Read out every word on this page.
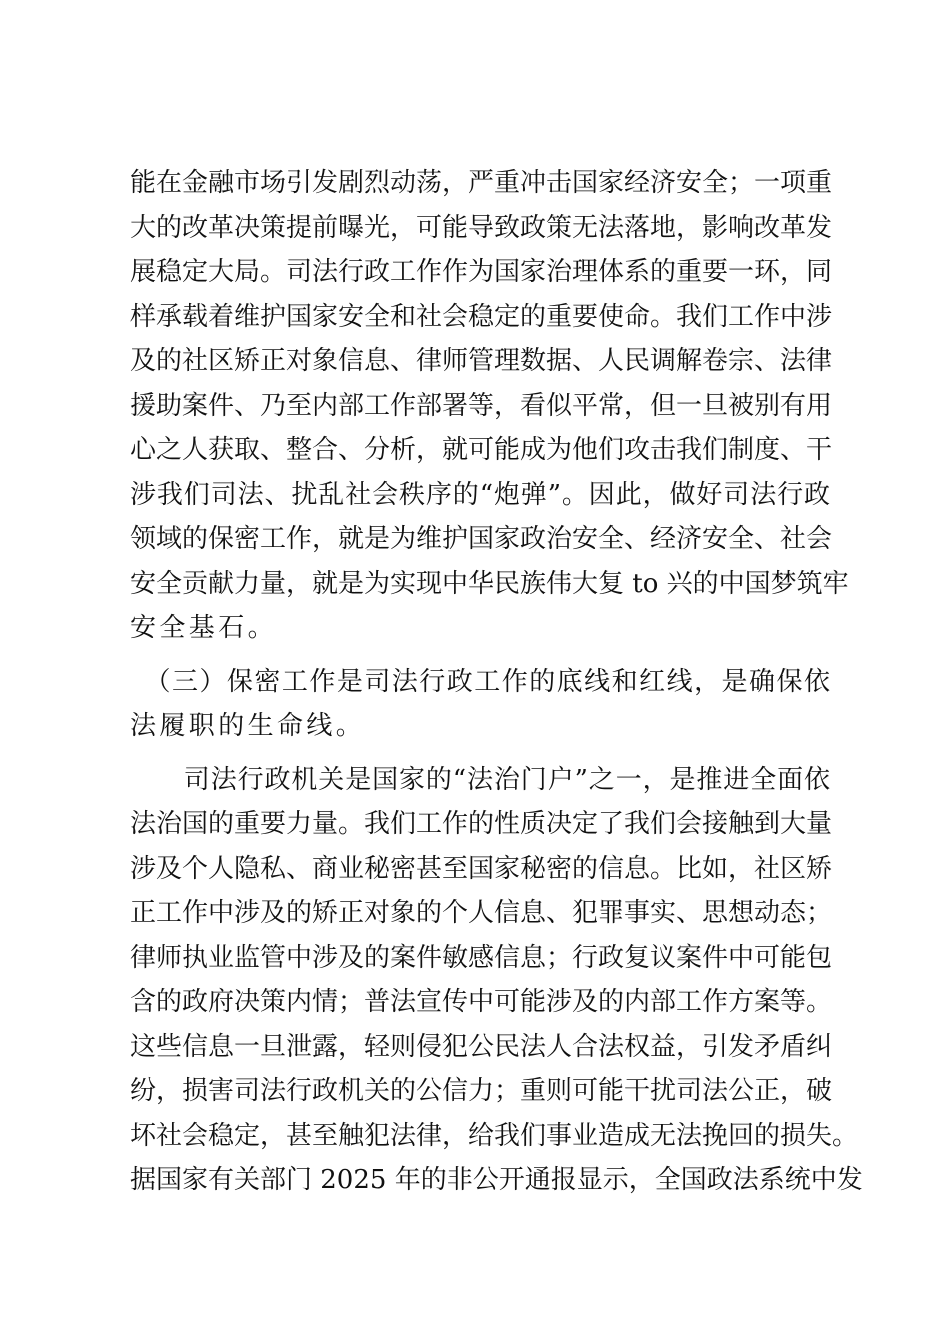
能在金融市场引发剧烈动荡，严重冲击国家经济安全；一项重
大的改革决策提前曝光，可能导致政策无法落地，影响改革发
展稳定大局。司法行政工作作为国家治理体系的重要一环，同
样承载着维护国家安全和社会稳定的重要使命。我们工作中涉
及的社区矫正对象信息、律师管理数据、人民调解卷宗、法律
援助案件、乃至内部工作部署等，看似平常，但一旦被别有用
心之人获取、整合、分析，就可能成为他们攻击我们制度、干
涉我们司法、扰乱社会秩序的“炮弹”。因此，做好司法行政
领域的保密工作，就是为维护国家政治安全、经济安全、社会
安全贡献力量，就是为实现中华民族伟大复 to 兴的中国梦筑牢
安全基石。
　（三）保密工作是司法行政工作的底线和红线，是确保依
法履职的生命线。
　　司法行政机关是国家的“法治门户”之一，是推进全面依
法治国的重要力量。我们工作的性质决定了我们会接触到大量
涉及个人隐私、商业秘密甚至国家秘密的信息。比如，社区矫
正工作中涉及的矫正对象的个人信息、犯罪事实、思想动态；
律师执业监管中涉及的案件敏感信息；行政复议案件中可能包
含的政府决策内情；普法宣传中可能涉及的内部工作方案等。
这些信息一旦泄露，轻则侵犯公民法人合法权益，引发矛盾纠
纷，损害司法行政机关的公信力；重则可能干扰司法公正，破
坏社会稳定，甚至触犯法律，给我们事业造成无法挽回的损失。
据国家有关部门 2025 年的非公开通报显示，全国政法系统中发
